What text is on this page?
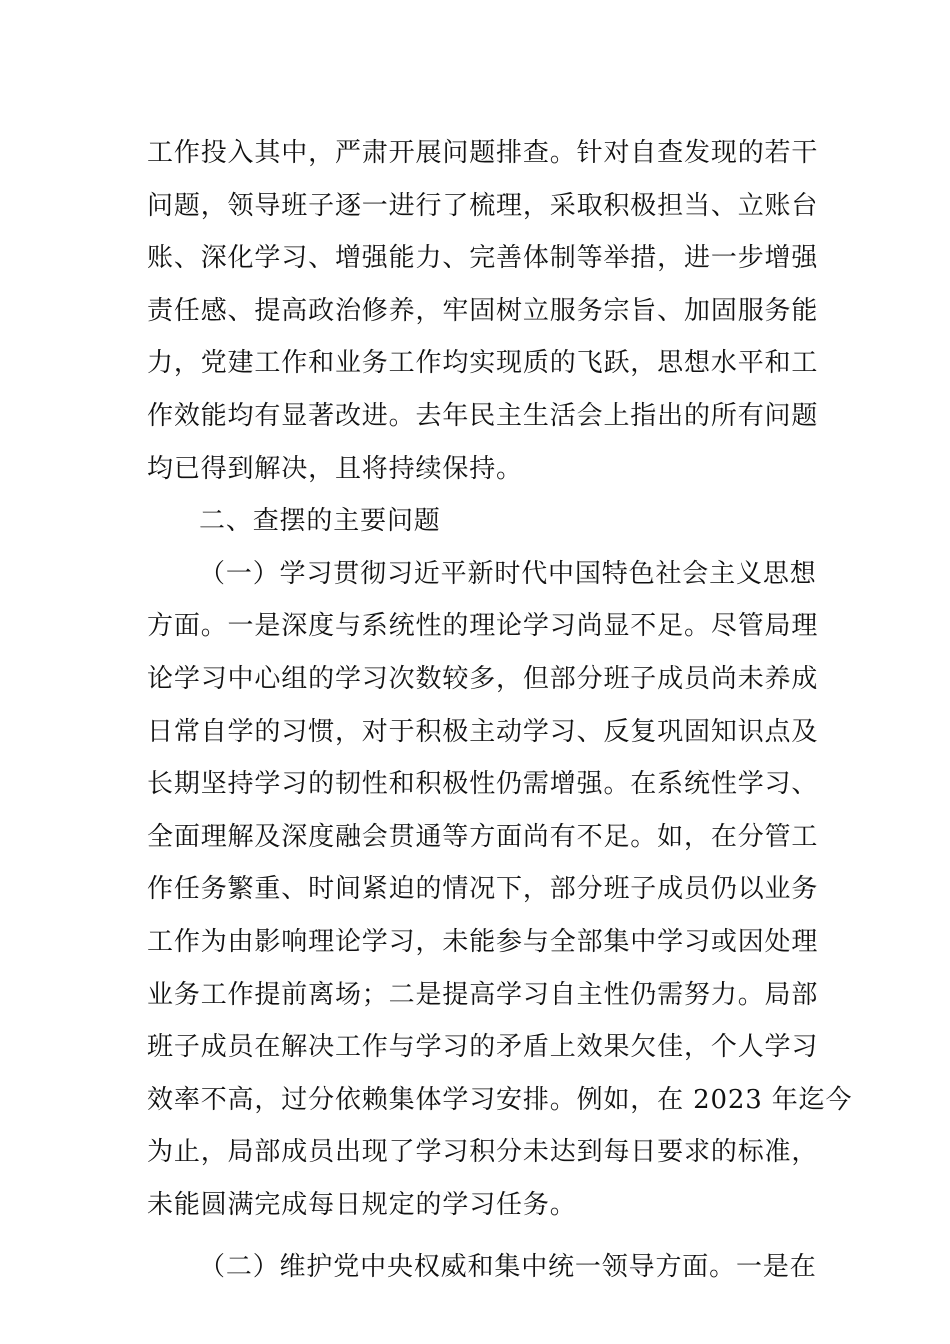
工作投入其中，严肃开展问题排查。针对自查发现的若干
问题，领导班子逐一进行了梳理，采取积极担当、立账台
账、深化学习、增强能力、完善体制等举措，进一步增强
责任感、提高政治修养，牢固树立服务宗旨、加固服务能
力，党建工作和业务工作均实现质的飞跃，思想水平和工
作效能均有显著改进。去年民主生活会上指出的所有问题
均已得到解决，且将持续保持。

二、查摆的主要问题

（一）学习贯彻习近平新时代中国特色社会主义思想
方面。一是深度与系统性的理论学习尚显不足。尽管局理
论学习中心组的学习次数较多，但部分班子成员尚未养成
日常自学的习惯，对于积极主动学习、反复巩固知识点及
长期坚持学习的韧性和积极性仍需增强。在系统性学习、
全面理解及深度融会贯通等方面尚有不足。如，在分管工
作任务繁重、时间紧迫的情况下，部分班子成员仍以业务
工作为由影响理论学习，未能参与全部集中学习或因处理
业务工作提前离场；二是提高学习自主性仍需努力。局部
班子成员在解决工作与学习的矛盾上效果欠佳，个人学习
效率不高，过分依赖集体学习安排。例如，在 2023 年迄今
为止，局部成员出现了学习积分未达到每日要求的标准，
未能圆满完成每日规定的学习任务。

（二）维护党中央权威和集中统一领导方面。一是在
